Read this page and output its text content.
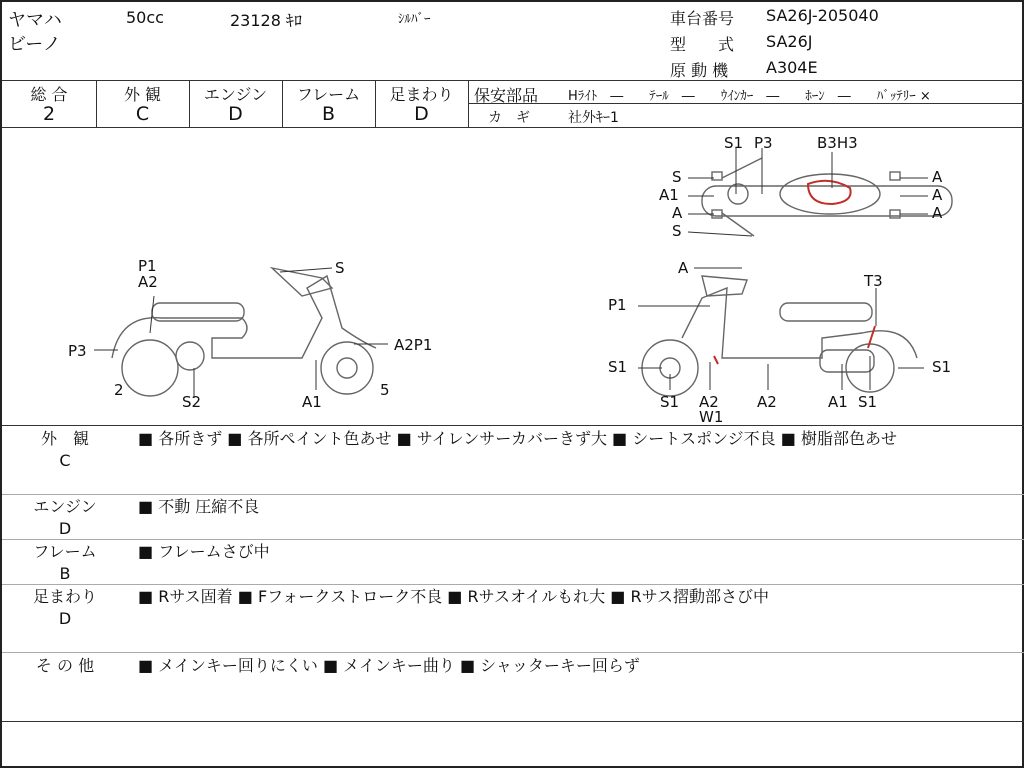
ヤマハ
ビーノ
50cc	23128 ｷﾛ	ｼﾙﾊﾞｰ	車台番号 SA26J-205040
型　　式 SA26J
原 動 機 A304E
総 合
2
外 観
C
エンジン
D
フレーム
B
足まわり
D
保安部品 Hﾗｲﾄ　―　　ﾃｰﾙ　―　　ｳｲﾝｶｰ　―　　ﾎｰﾝ　―　　ﾊﾞｯﾃﾘｰ ×
カ　ギ	社外ｷｰ1
S1 P3	B3H3
S	A
A1	A
A	A
S
P1
A2
S
P3	A2P1
2
S2	A1
5
A
T3
P1
S1	S1
S1 A2
W1
A2	A1 S1
外　観
C
■ 各所きず ■ 各所ペイント色あせ ■ サイレンサーカバーきず大 ■ シートスポンジ不良 ■ 樹脂部色あせ
エンジン
D
■ 不動 圧縮不良
フレーム
B
■ フレームさび中
足まわり
D
■ Rサス固着 ■ Fフォークストローク不良 ■ Rサスオイルもれ大 ■ Rサス摺動部さび中
そ の 他	■ メインキー回りにくい ■ メインキー曲り ■ シャッターキー回らず
